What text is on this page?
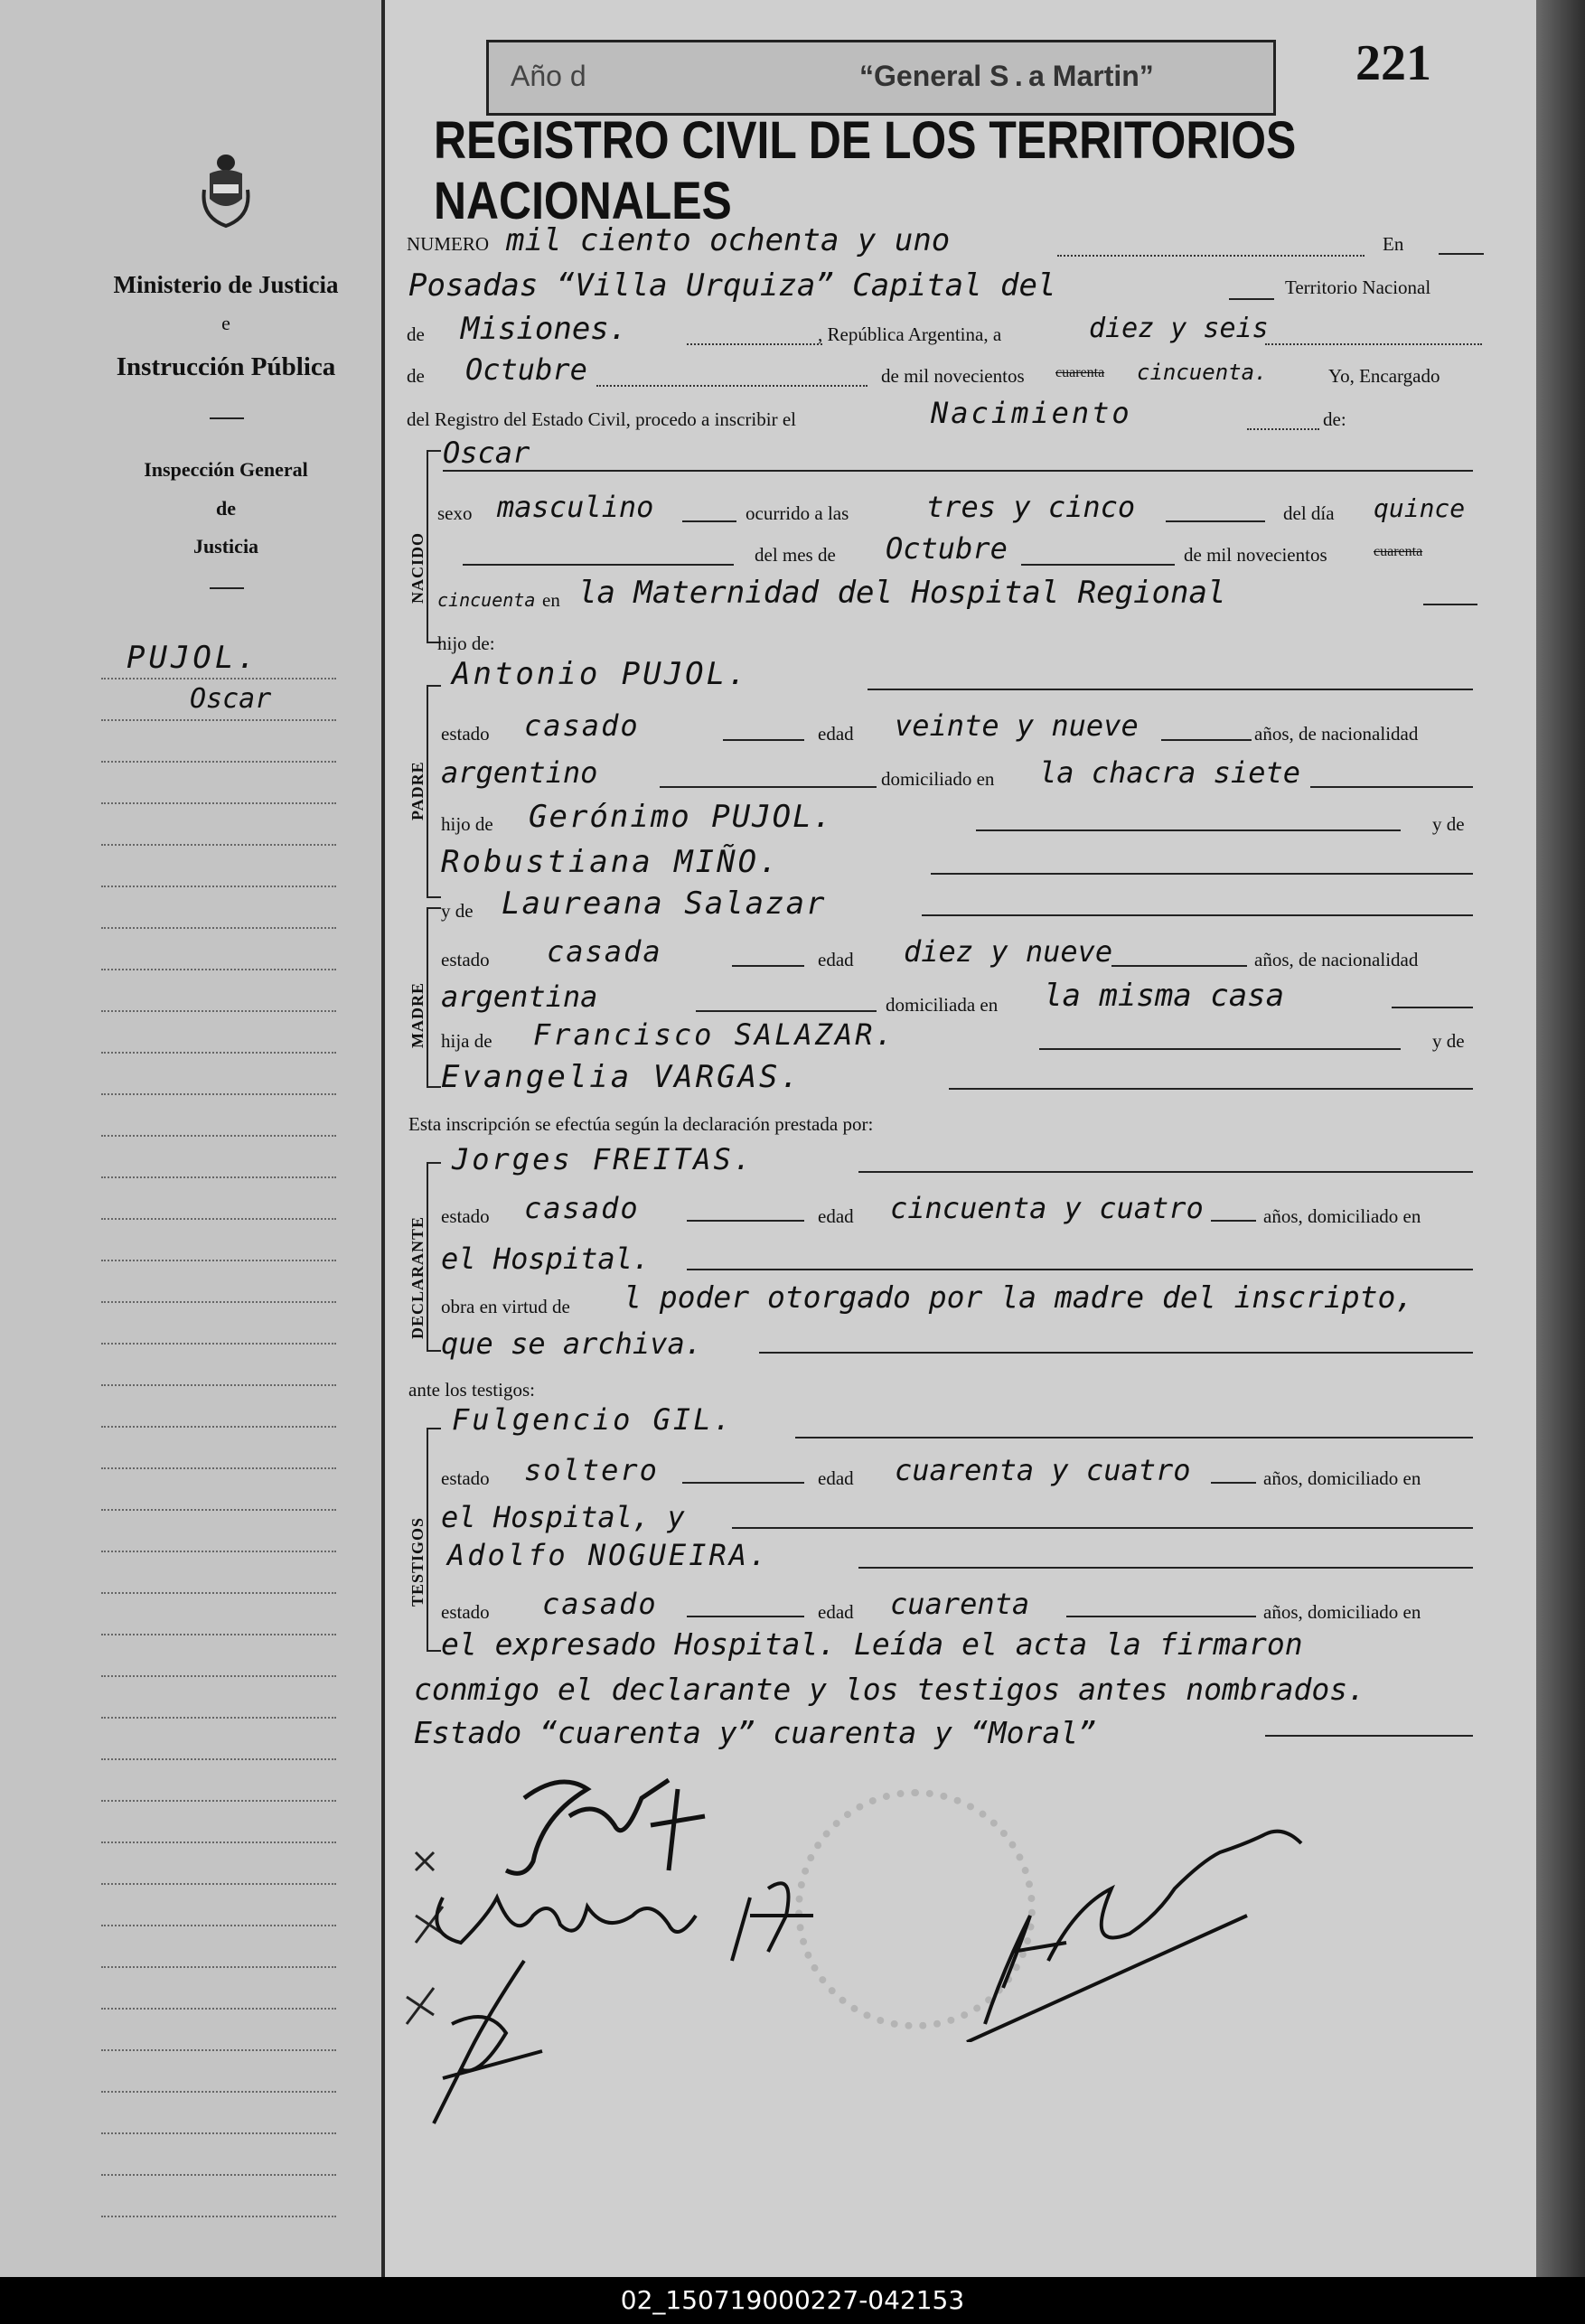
Ministerio de Justicia
e
Instrucción Pública
Inspección General
de
Justicia
PUJOL.
Oscar
Año d	“General S . a Martin”	221
REGISTRO CIVIL DE LOS TERRITORIOS NACIONALES
NUMERO mil ciento ochenta y uno	En
Posadas “Villa Urquiza” Capital del	Territorio Nacional
de Misiones.	, República Argentina, a	diez y seis
de Octubre	de mil novecientos cuarenta cincuenta.	Yo, Encargado
del Registro del Estado Civil, procedo a inscribir el	Nacimiento	de:
NACIDO
Oscar
sexo masculino	ocurrido a las	tres y cinco	del día quince
del mes de Octubre	de mil novecientos	cuarenta
cincuenta en la Maternidad del Hospital Regional
hijo de:
PADRE
Antonio PUJOL.
estado casado	edad veinte y nueve	años, de nacionalidad
argentino	domiciliado en la chacra siete
hijo de Gerónimo PUJOL.	y de
Robustiana MIÑO.
MADRE
y de Laureana Salazar
estado casada	edad diez y nueve	años, de nacionalidad
argentina	domiciliada en la misma casa
hija de Francisco SALAZAR.	y de
Evangelia VARGAS.
Esta inscripción se efectúa según la declaración prestada por:
DECLARANTE
Jorges FREITAS.
estado casado	edad cincuenta y cuatro	años, domiciliado en
el Hospital.
obra en virtud de l poder otorgado por la madre del inscripto,
que se archiva.
ante los testigos:
TESTIGOS
Fulgencio GIL.
estado soltero	edad cuarenta y cuatro	años, domiciliado en
el Hospital, y
Adolfo NOGUEIRA.
estado casado	edad cuarenta	años, domiciliado en
el expresado Hospital. Leída el acta la firmaron
conmigo el declarante y los testigos antes nombrados.
Estado “cuarenta y” cuarenta y “Moral”
02_150719000227-042153
